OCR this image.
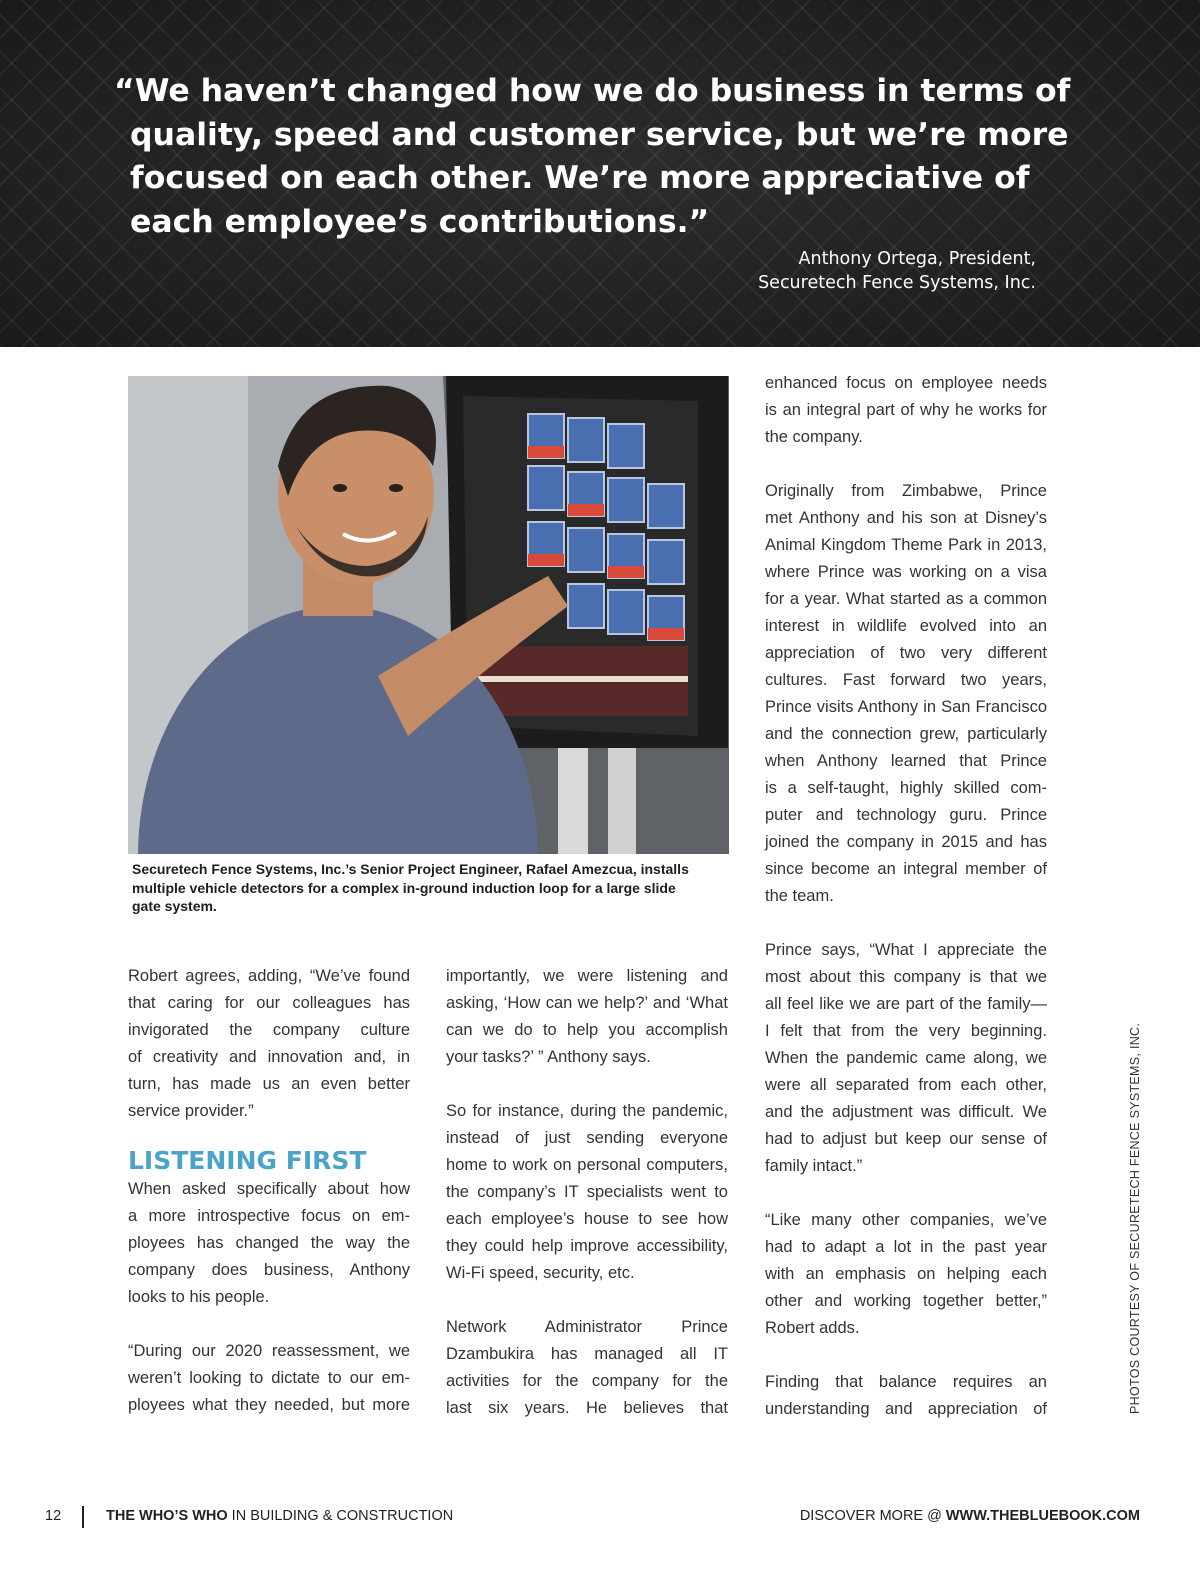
“We haven’t changed how we do business in terms of
quality, speed and customer service, but we’re more
focused on each other. We’re more appreciative of
each employee’s contributions.”

Anthony Ortega, President,
Securetech Fence Systems, Inc.
Securetech Fence Systems, Inc.’s Senior Project Engineer, Rafael Amezcua, installs
multiple vehicle detectors for a complex in-ground induction loop for a large slide
gate system.

Robert agrees, adding, “We’ve found
that caring for our colleagues has
invigorated the company culture
of creativity and innovation and, in
turn, has made us an even better
service provider.”

LISTENING FIRST

When asked specifically about how
a more introspective focus on em-
ployees has changed the way the
company does business, Anthony
looks to his people.

“During our 2020 reassessment, we
weren’t looking to dictate to our em-
ployees what they needed, but more

importantly, we were listening and
asking, ‘How can we help?’ and ‘What
can we do to help you accomplish
your tasks?’ ” Anthony says.

So for instance, during the pandemic,
instead of just sending everyone
home to work on personal computers,
the company’s IT specialists went to
each employee’s house to see how
they could help improve accessibility,
Wi-Fi speed, security, etc.

Network Administrator Prince
Dzambukira has managed all IT
activities for the company for the
last six years. He believes that

enhanced focus on employee needs
is an integral part of why he works for
the company.

Originally from Zimbabwe, Prince
met Anthony and his son at Disney’s
Animal Kingdom Theme Park in 2013,
where Prince was working on a visa
for a year. What started as a common
interest in wildlife evolved into an
appreciation of two very different
cultures. Fast forward two years,
Prince visits Anthony in San Francisco
and the connection grew, particularly
when Anthony learned that Prince
is a self-taught, highly skilled com-
puter and technology guru. Prince
joined the company in 2015 and has
since become an integral member of
the team.

Prince says, “What I appreciate the
most about this company is that we
all feel like we are part of the family—
I felt that from the very beginning.
When the pandemic came along, we
were all separated from each other,
and the adjustment was difficult. We
had to adjust but keep our sense of
family intact.”

“Like many other companies, we’ve
had to adapt a lot in the past year
with an emphasis on helping each
other and working together better,”
Robert adds.

Finding that balance requires an
understanding and appreciation of	PHOTOS COURTESY OF SECURETECH FENCE SYSTEMS, INC.
12	THE WHO’S WHO IN BUILDING & CONSTRUCTION	DISCOVER MORE @ WWW.THEBLUEBOOK.COM
